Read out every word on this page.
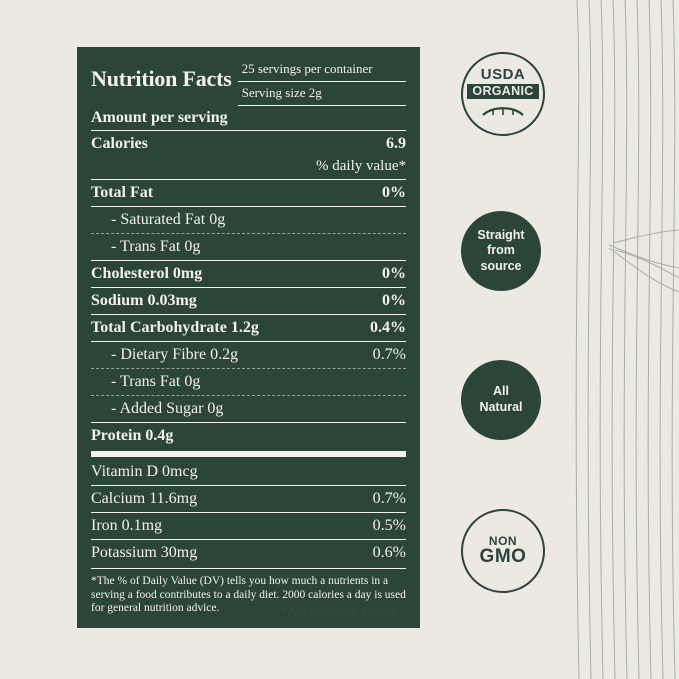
Nutrition Facts 25 servings per container
Serving size 2g
Amount per serving
Calories	6.9
% daily value*
Total Fat	0%
- Saturated Fat 0g
- Trans Fat 0g
Cholesterol 0mg	0%
Sodium 0.03mg	0%
Total Carbohydrate 1.2g	0.4%
- Dietary Fibre 0.2g	0.7%
- Trans Fat 0g
- Added Sugar 0g
Protein 0.4g
Vitamin D 0mcg
Calcium 11.6mg	0.7%
Iron 0.1mg	0.5%
Potassium 30mg	0.6%
*The % of Daily Value (DV) tells you how much a nutrients in a serving a food contributes to a daily diet. 2000 calories a day is used for general nutrition advice.	*Approximate Values
USDA
ORGANIC
Straight
from
source
All
Natural
NON
GMO
